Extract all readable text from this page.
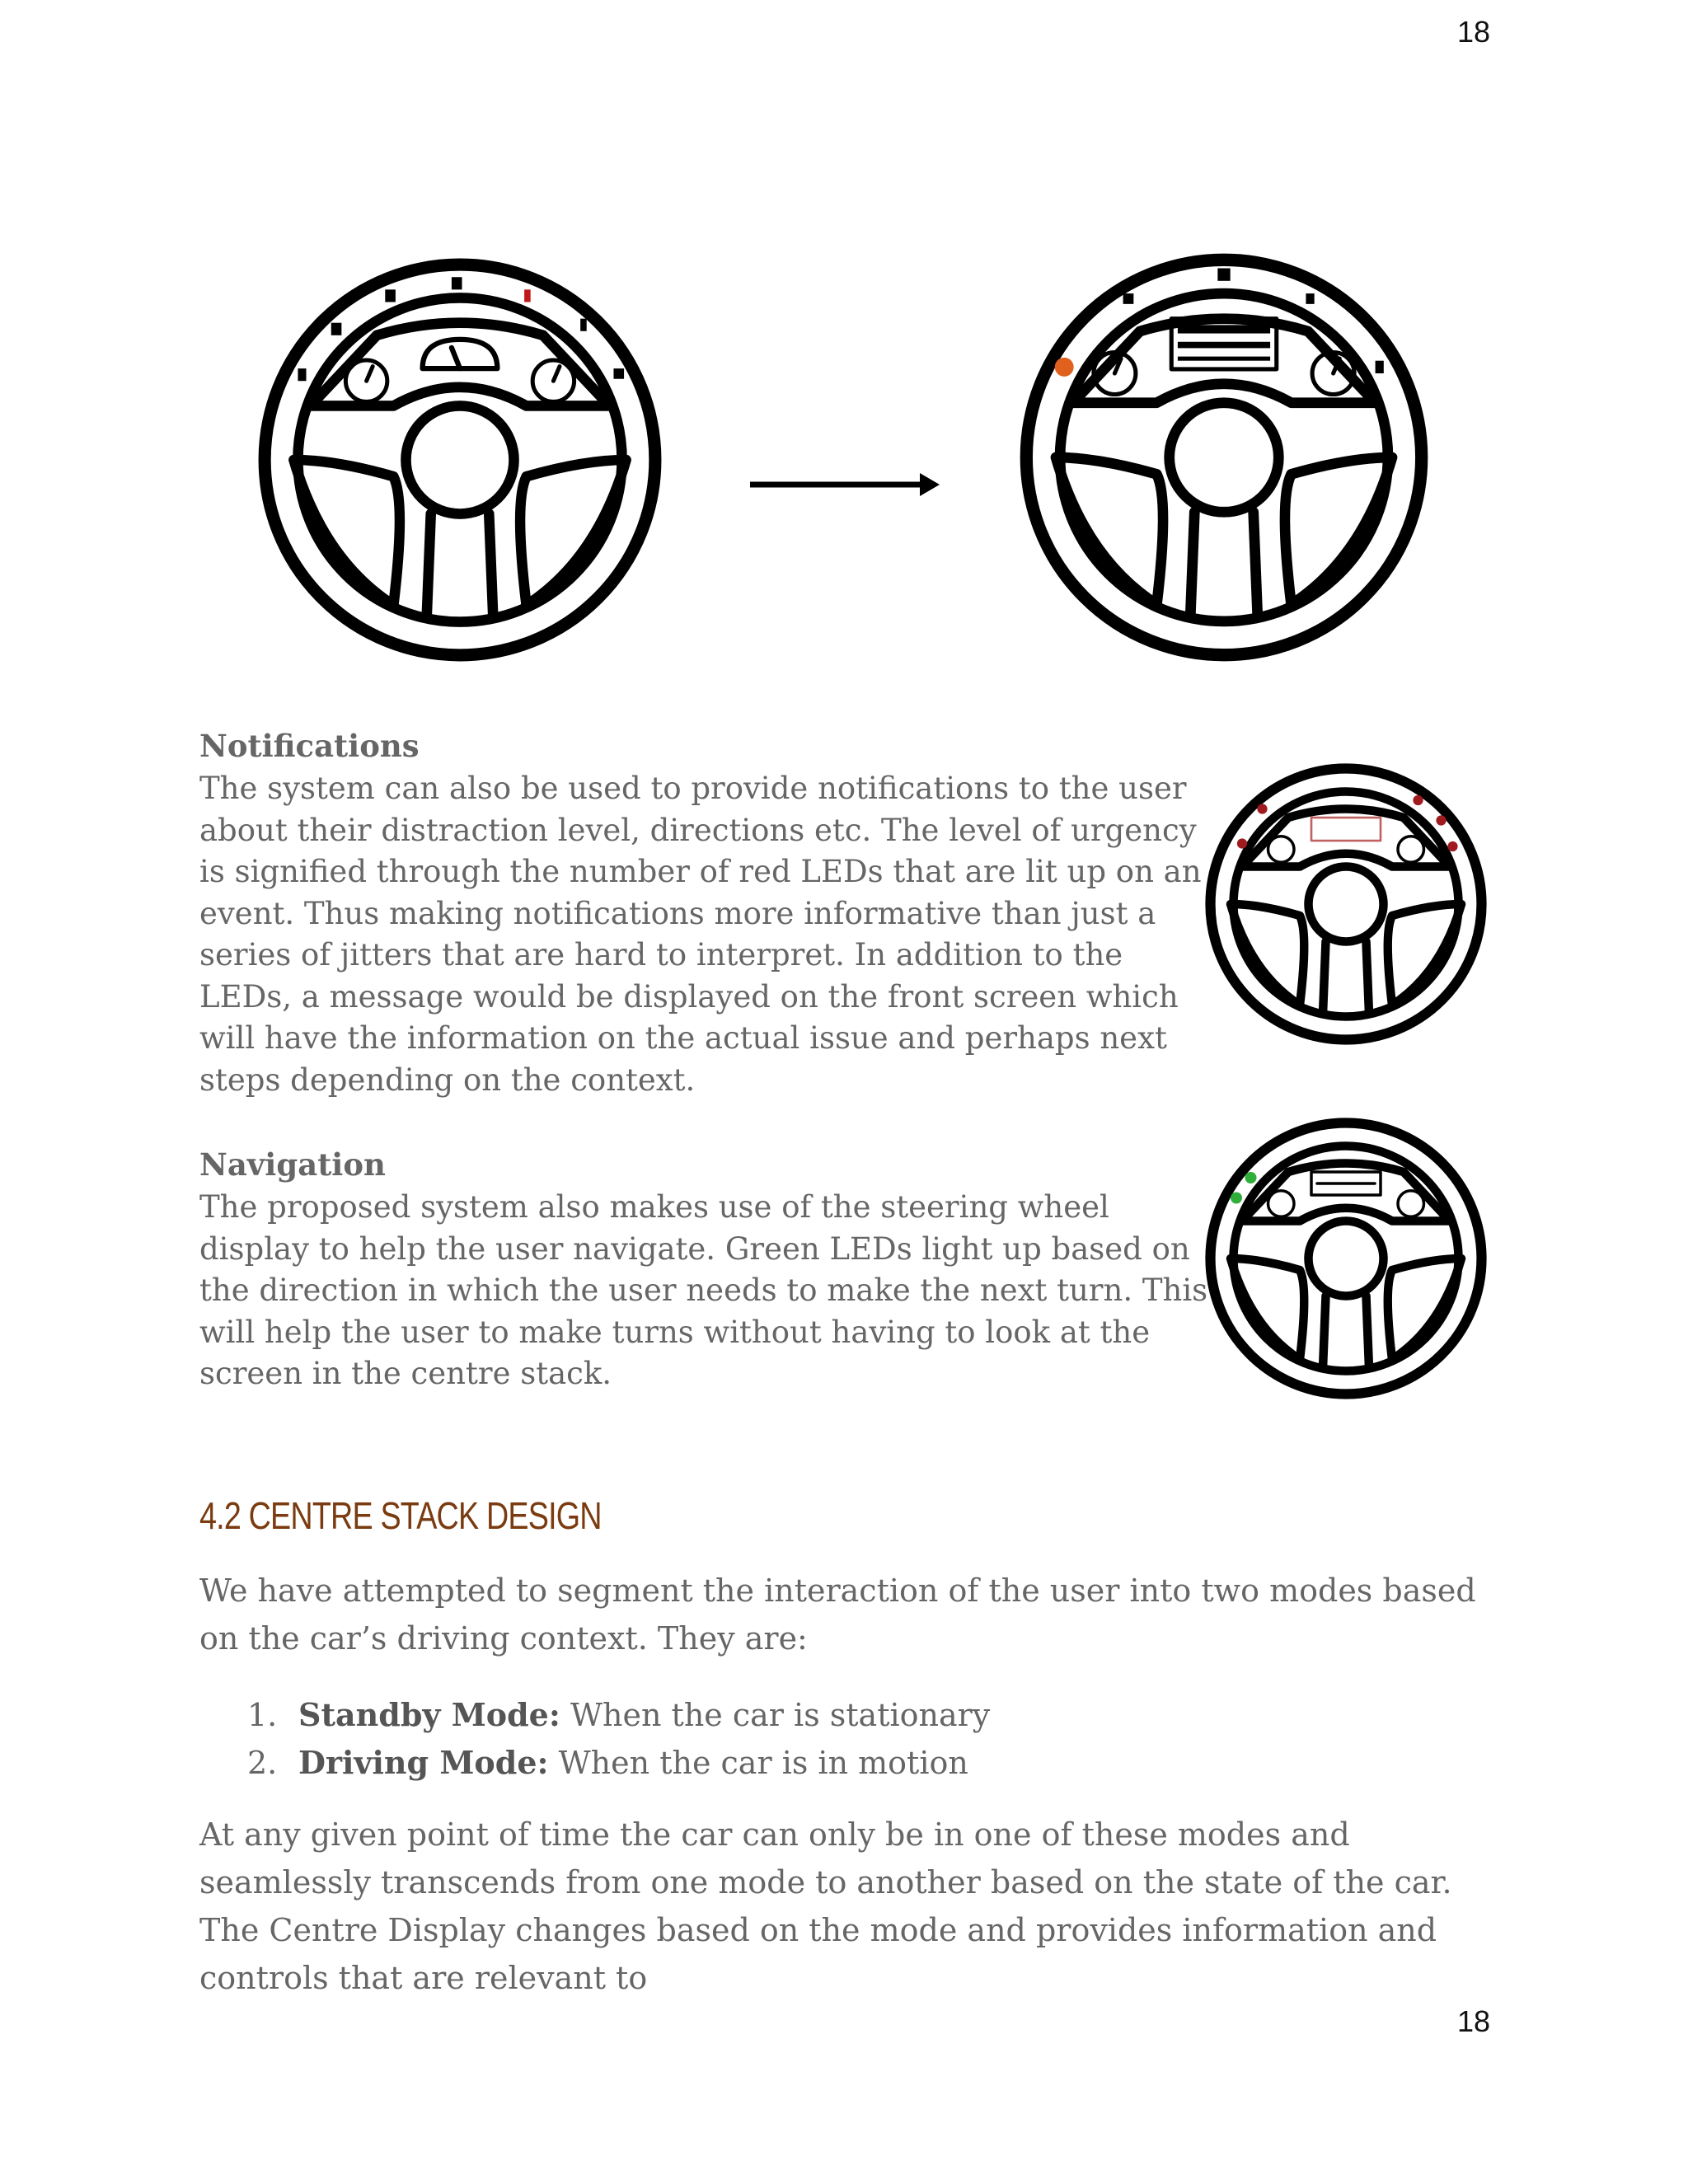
18

Notifications

The system can also be used to provide notifications to the user about their distraction level, directions etc. The level of urgency is signified through the number of red LEDs that are lit up on an event. Thus making notifications more informative than just a series of jitters that are hard to interpret. In addition to the LEDs, a message would be displayed on the front screen which will have the information on the actual issue and perhaps next steps depending on the context.

Navigation

The proposed system also makes use of the steering wheel display to help the user navigate. Green LEDs light up based on the direction in which the user needs to make the next turn. This will help the user to make turns without having to look at the screen in the centre stack.

4.2 CENTRE STACK DESIGN

We have attempted to segment the interaction of the user into two modes based on the car’s driving context. They are:

1. Standby Mode: When the car is stationary
2. Driving Mode: When the car is in motion

At any given point of time the car can only be in one of these modes and seamlessly transcends from one mode to another based on the state of the car. The Centre Display changes based on the mode and provides information and controls that are relevant to

18
